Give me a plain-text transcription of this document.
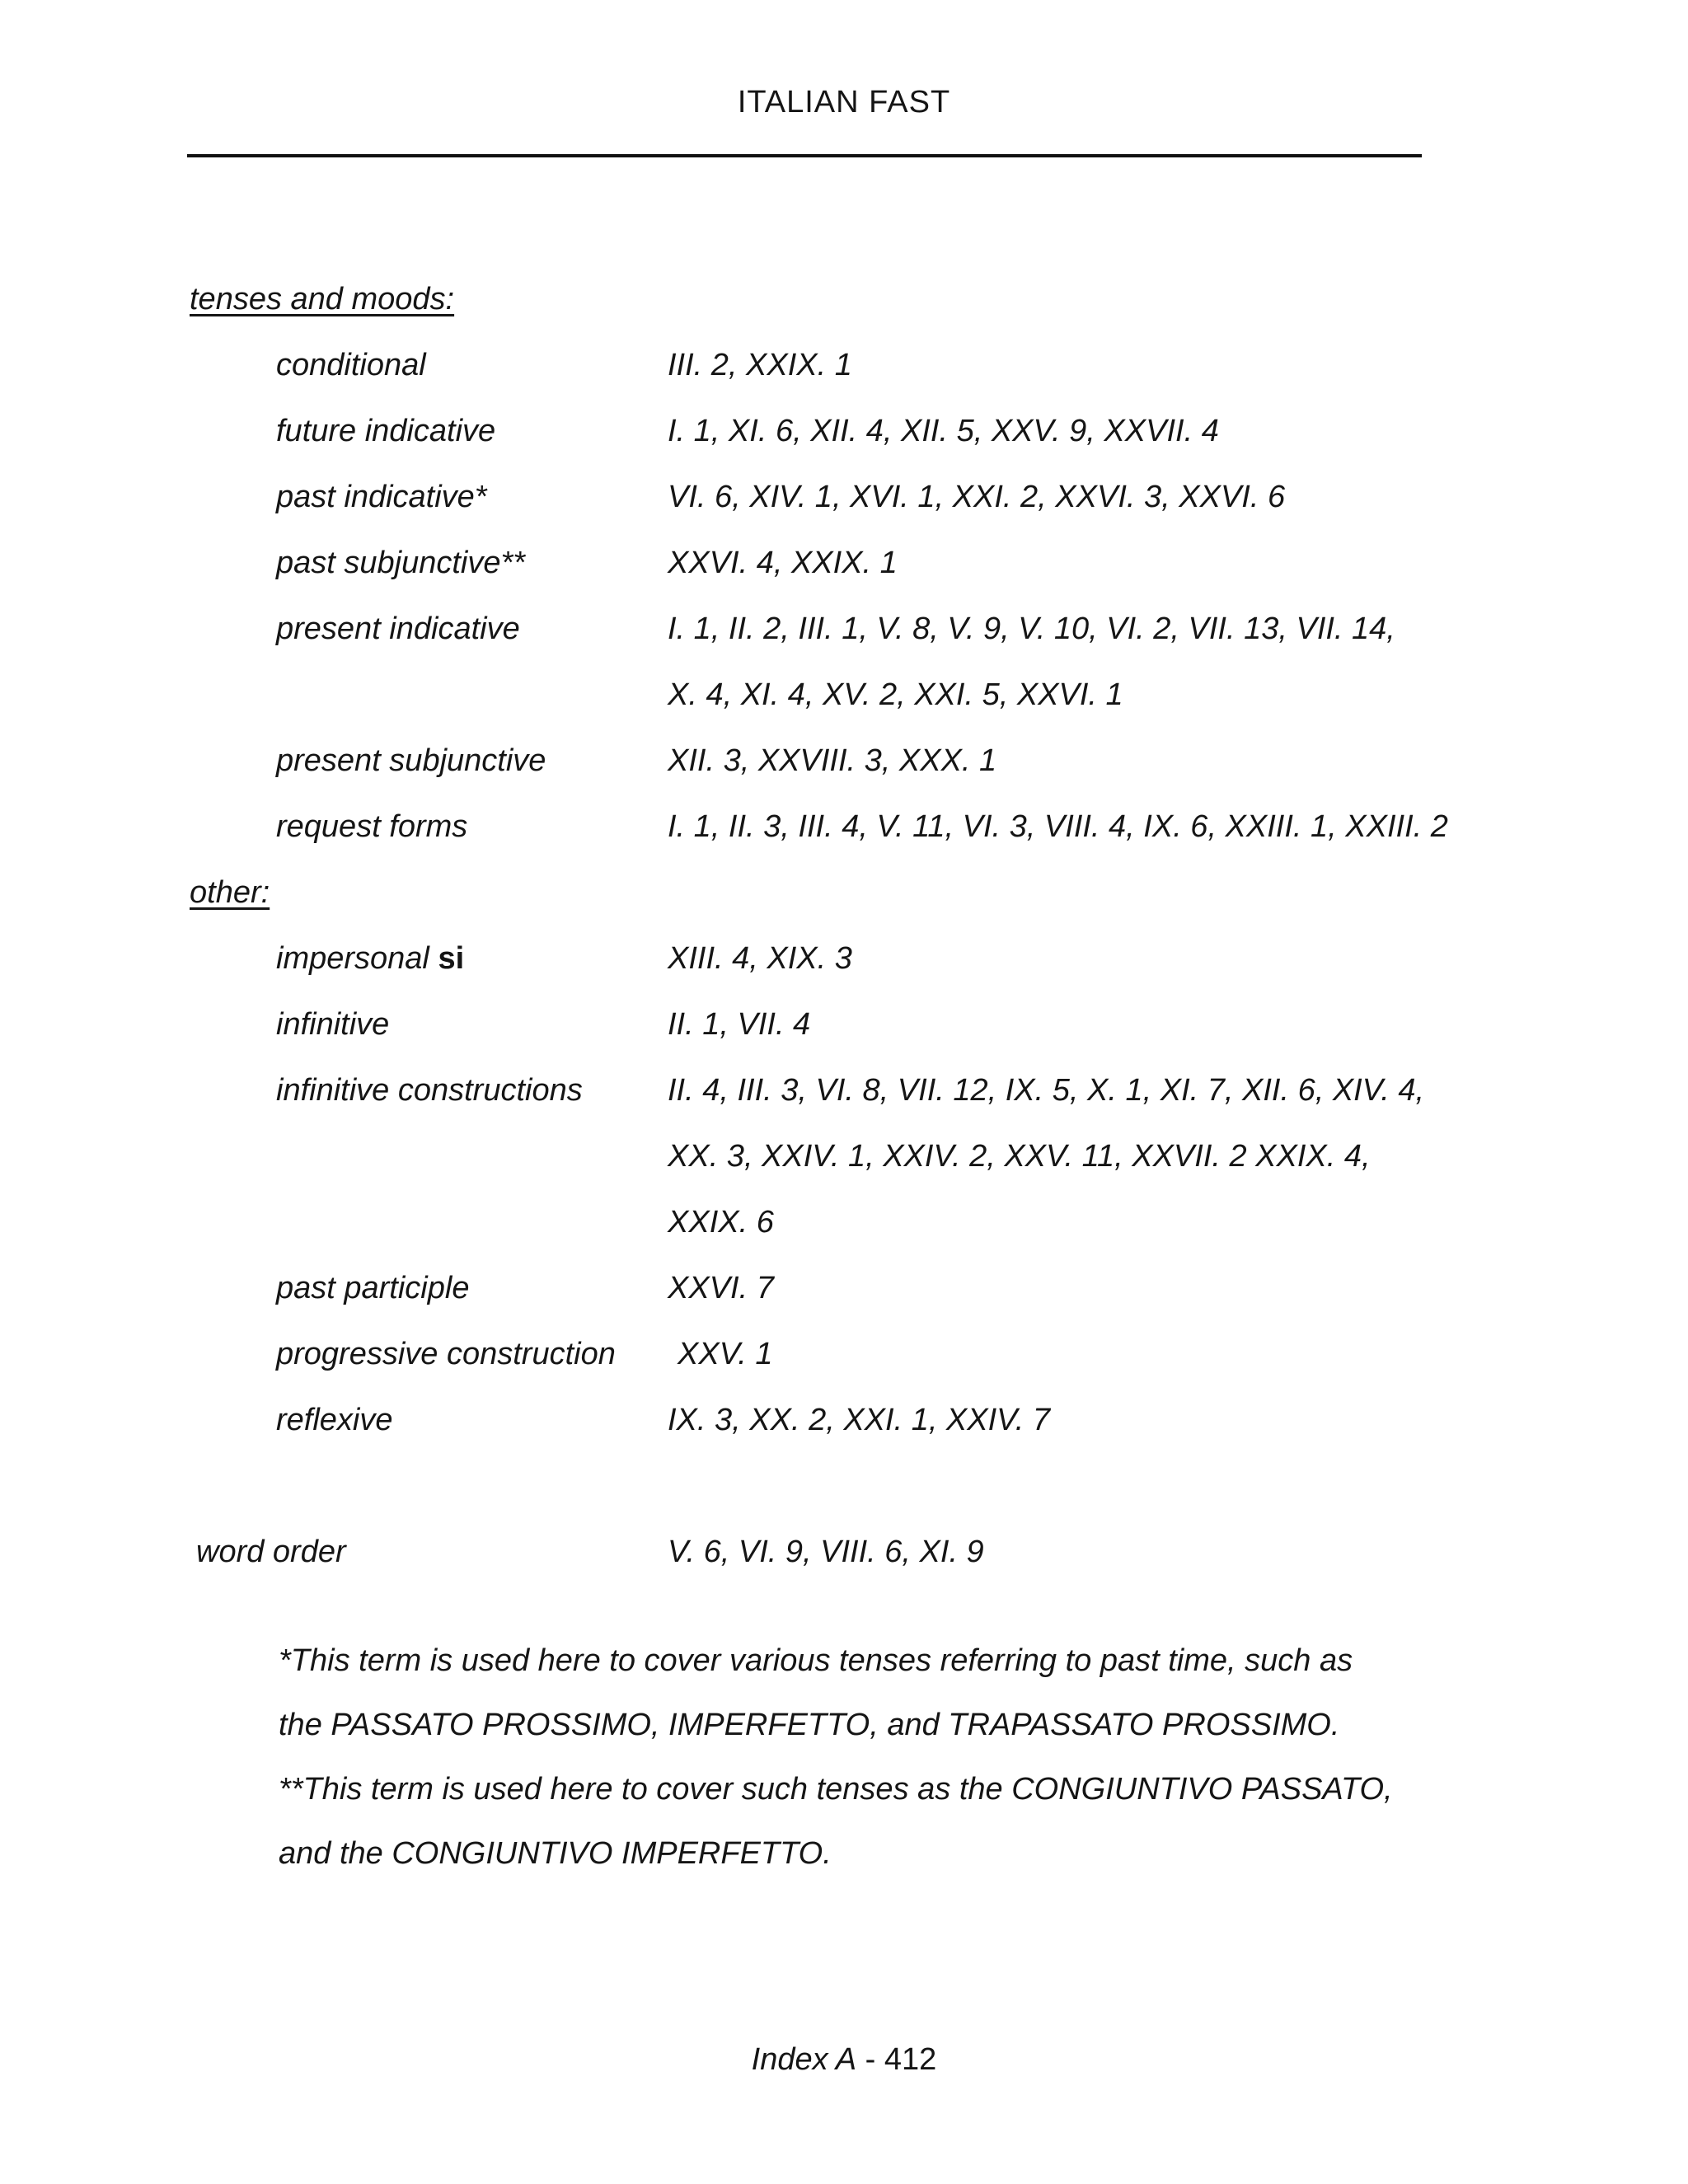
ITALIAN FAST
tenses and moods:
conditional	III. 2, XXIX. 1
future indicative	I. 1, XI. 6, XII. 4, XII. 5, XXV. 9, XXVII. 4
past indicative*	VI. 6, XIV. 1, XVI. 1, XXI. 2, XXVI. 3, XXVI. 6
past subjunctive**	XXVI. 4, XXIX. 1
present indicative	I. 1, II. 2, III. 1, V. 8, V. 9, V. 10, VI. 2, VII. 13, VII. 14,
X. 4, XI. 4, XV. 2, XXI. 5, XXVI. 1
present subjunctive	XII. 3, XXVIII. 3, XXX. 1
request forms	I. 1, II. 3, III. 4, V. 11, VI. 3, VIII. 4, IX. 6, XXIII. 1, XXIII. 2
other:
impersonal si	XIII. 4, XIX. 3
infinitive	II. 1, VII. 4
infinitive constructions	II. 4, III. 3, VI. 8, VII. 12, IX. 5, X. 1, XI. 7, XII. 6, XIV. 4,
XX. 3, XXIV. 1, XXIV. 2, XXV. 11, XXVII. 2 XXIX. 4,
XXIX. 6
past participle	XXVI. 7
progressive construction XXV. 1
reflexive	IX. 3, XX. 2, XXI. 1, XXIV. 7
word order	V. 6, VI. 9, VIII. 6, XI. 9
*This term is used here to cover various tenses referring to past time, such as
the PASSATO PROSSIMO, IMPERFETTO, and TRAPASSATO PROSSIMO.
**This term is used here to cover such tenses as the CONGIUNTIVO PASSATO,
and the CONGIUNTIVO IMPERFETTO.
Index A - 412
